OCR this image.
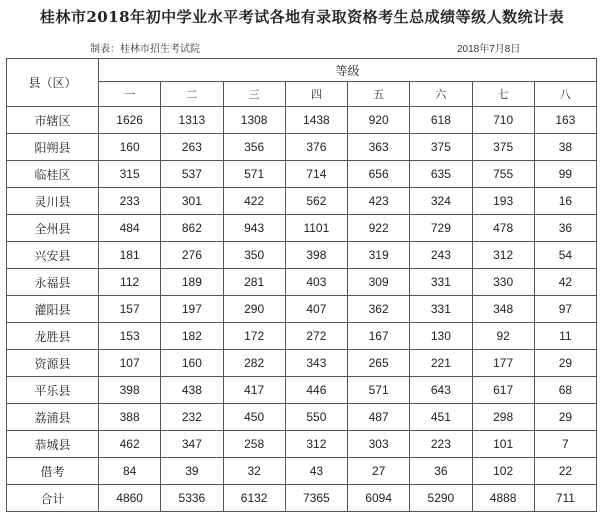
桂林市2018年初中学业水平考试各地有录取资格考生总成绩等级人数统计表
制表：桂林市招生考试院	2018年7月8日
县（区）	等级							
	一	二	三	四	五	六	七	八
市辖区	1626	1313	1308	1438	920	618	710	163
阳朔县	160	263	356	376	363	375	375	38
临桂区	315	537	571	714	656	635	755	99
灵川县	233	301	422	562	423	324	193	16
全州县	484	862	943	1101	922	729	478	36
兴安县	181	276	350	398	319	243	312	54
永福县	112	189	281	403	309	331	330	42
灌阳县	157	197	290	407	362	331	348	97
龙胜县	153	182	172	272	167	130	92	11
资源县	107	160	282	343	265	221	177	29
平乐县	398	438	417	446	571	643	617	68
荔浦县	388	232	450	550	487	451	298	29
恭城县	462	347	258	312	303	223	101	7
借考	84	39	32	43	27	36	102	22
合计	4860	5336	6132	7365	6094	5290	4888	711
